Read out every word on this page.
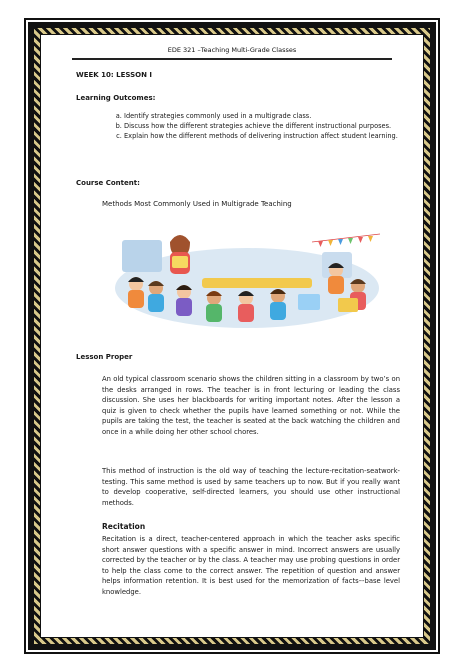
EDE 321 –Teaching Multi-Grade Classes
WEEK 10: LESSON I
Learning Outcomes:
a. Identify strategies commonly used in a multigrade class.
b. Discuss how the different strategies achieve the different instructional purposes.
c. Explain how the different methods of delivering instruction affect student learning.
Course Content:
Methods Most Commonly Used in Multigrade Teaching
Lesson Proper

An old typical classroom scenario shows the children sitting in a classroom by two’s on the desks arranged in rows. The teacher is in front lecturing or leading the class discussion. She uses her blackboards for writing important notes. After the lesson a quiz is given to check whether the pupils have learned something or not. While the pupils are taking the test, the teacher is seated at the back watching the children and once in a while doing her other school chores.

This method of instruction is the old way of teaching the lecture-recitation-seatwork-testing. This same method is used by same teachers up to now. But if you really want to develop cooperative, self-directed learners, you should use other instructional methods.

Recitation

Recitation is a direct, teacher-centered approach in which the teacher asks specific short answer questions with a specific answer in mind. Incorrect answers are usually corrected by the teacher or by the class. A teacher may use probing questions in order to help the class come to the correct answer. The repetition of question and answer helps information retention. It is best used for the memorization of facts–-base level knowledge.
